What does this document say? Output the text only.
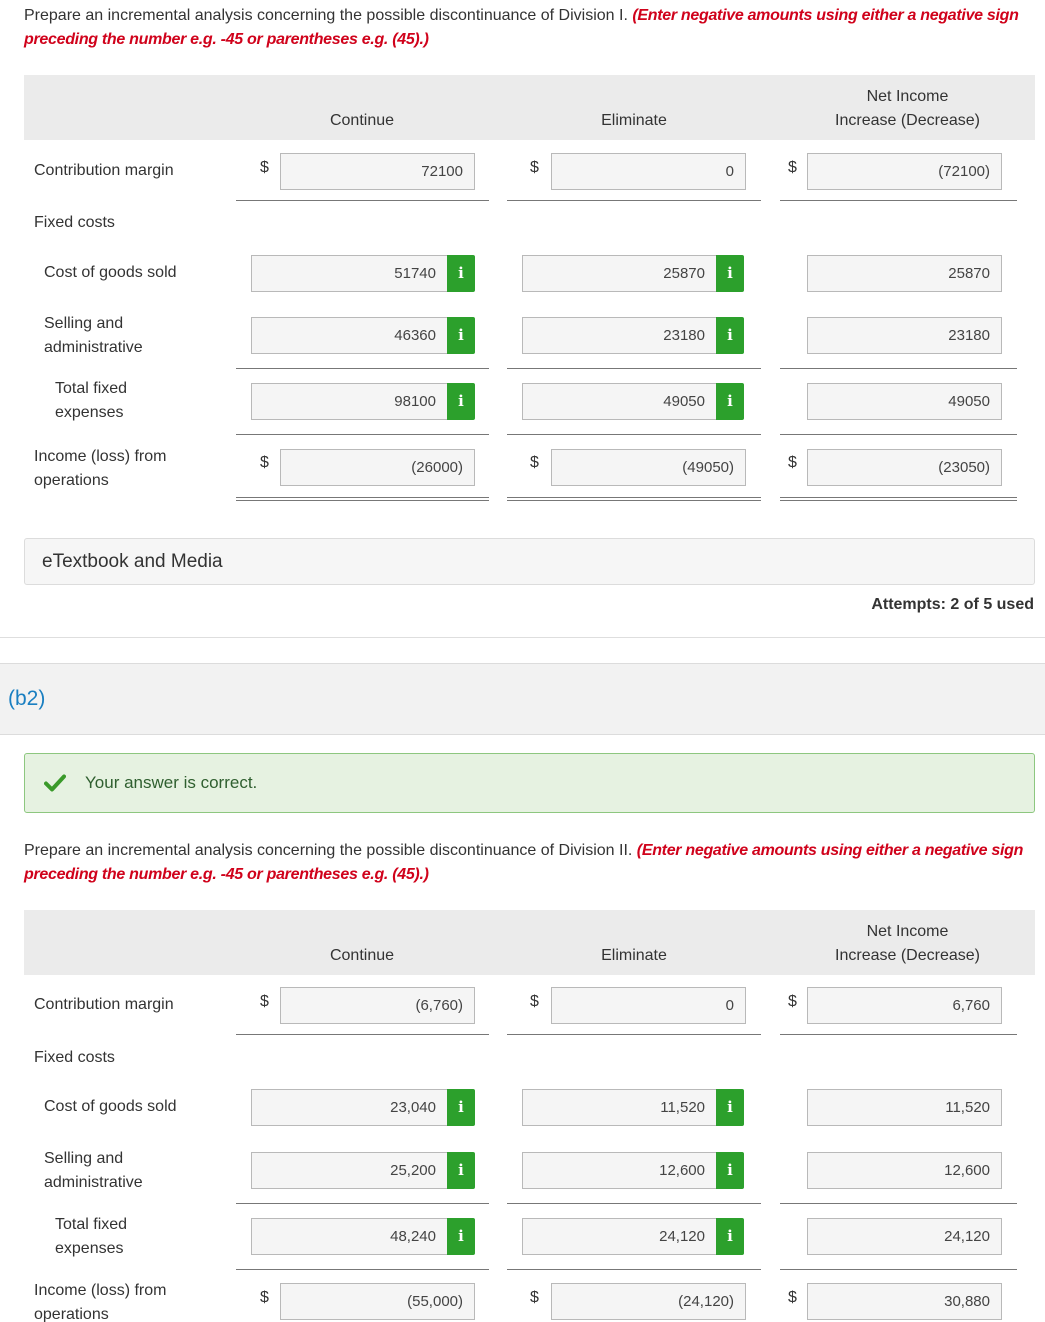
Prepare an incremental analysis concerning the possible discontinuance of Division I. (Enter negative amounts using either a negative sign preceding the number e.g. -45 or parentheses e.g. (45).)
Continue	Eliminate
Net Income
Increase (Decrease)
Contribution margin	$	72100	$	0	$	(72100)
Fixed costs
Cost of goods sold	51740	i	25870	i	25870
Selling and administrative
46360	i	23180	i	23180
Total fixed expenses
98100	i	49050	i	49050
Income (loss) from operations
$	(26000)	$	(49050)	$	(23050)
eTextbook and Media
Attempts: 2 of 5 used
(b2)
Your answer is correct.
Prepare an incremental analysis concerning the possible discontinuance of Division II. (Enter negative amounts using either a negative sign preceding the number e.g. -45 or parentheses e.g. (45).)
Continue	Eliminate
Net Income
Increase (Decrease)
Contribution margin	$	(6,760)	$	0	$	6,760
Fixed costs
Cost of goods sold	23,040	i	11,520	i	11,520
Selling and administrative
25,200	i	12,600	i	12,600
Total fixed expenses
48,240	i	24,120	i	24,120
Income (loss) from operations
$	(55,000)	$	(24,120)	$	30,880
